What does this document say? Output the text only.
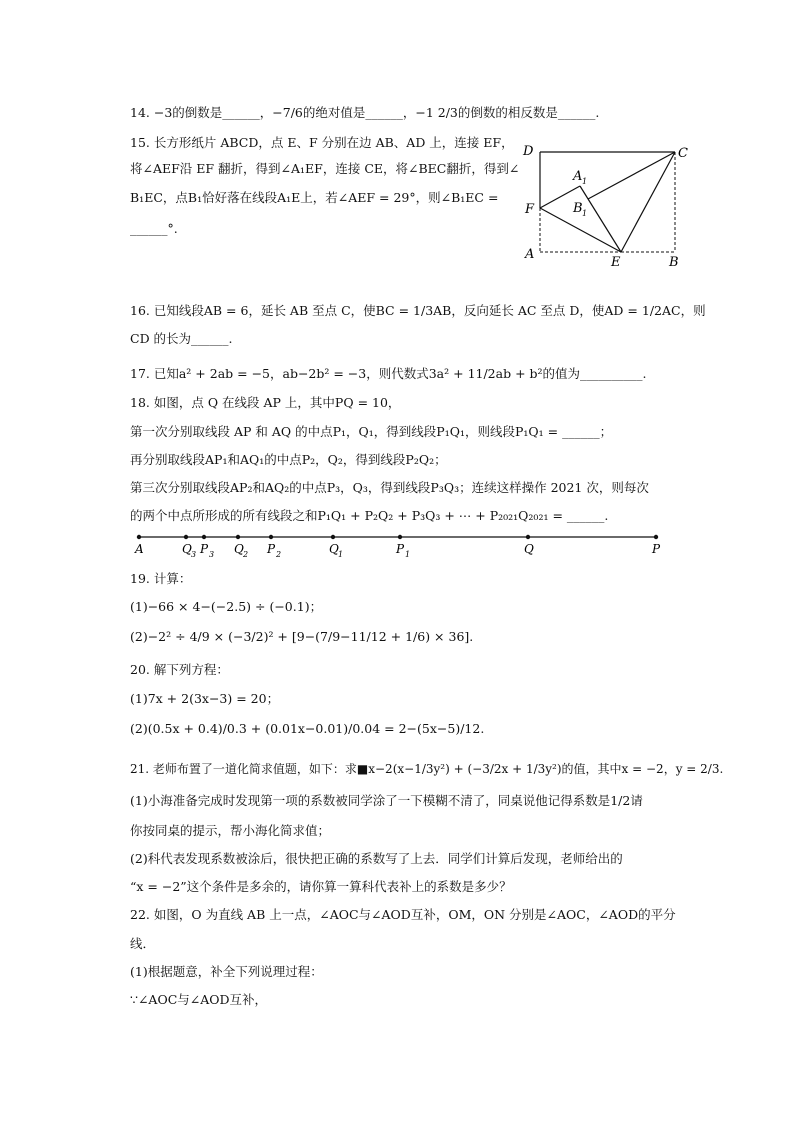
14. −3的倒数是______，−7/6的绝对值是______，−1 2/3的倒数的相反数是______.
15. 长方形纸片 ABCD，点 E、F 分别在边 AB、AD 上，连接 EF，
将∠AEF沿 EF 翻折，得到∠A₁EF，连接 CE，将∠BEC翻折，得到∠
B₁EC，点B₁恰好落在线段A₁E上，若∠AEF = 29°，则∠B₁EC =
______°.
D	C
A 1
B 1
F
A
E	B
16. 已知线段AB = 6，延长 AB 至点 C，使BC = 1/3AB，反向延长 AC 至点 D，使AD = 1/2AC，则
CD 的长为______.
17. 已知a² + 2ab = −5，ab−2b² = −3，则代数式3a² + 11/2ab + b²的值为__________.
18. 如图，点 Q 在线段 AP 上，其中PQ = 10，
第一次分别取线段 AP 和 AQ 的中点P₁，Q₁，得到线段P₁Q₁，则线段P₁Q₁ = ______；
再分别取线段AP₁和AQ₁的中点P₂，Q₂，得到线段P₂Q₂；
第三次分别取线段AP₂和AQ₂的中点P₃，Q₃，得到线段P₃Q₃；连续这样操作 2021 次，则每次
的两个中点所形成的所有线段之和P₁Q₁ + P₂Q₂ + P₃Q₃ + ⋯ + P₂₀₂₁Q₂₀₂₁ = ______.
A	Q 3 P 3 Q 2 P 2	Q 1	P 1	Q	P
19. 计算：
(1)−66 × 4−(−2.5) ÷ (−0.1)；
(2)−2² ÷ 4/9 × (−3/2)² + [9−(7/9−11/12 + 1/6) × 36].
20. 解下列方程：
(1)7x + 2(3x−3) = 20；
(2)(0.5x + 0.4)/0.3 + (0.01x−0.01)/0.04 = 2−(5x−5)/12.
21. 老师布置了一道化简求值题，如下：求■x−2(x−1/3y²) + (−3/2x + 1/3y²)的值，其中x = −2，y = 2/3.
(1)小海准备完成时发现第一项的系数被同学涂了一下模糊不清了，同桌说他记得系数是1/2请
你按同桌的提示，帮小海化简求值；
(2)科代表发现系数被涂后，很快把正确的系数写了上去．同学们计算后发现，老师给出的
“x = −2”这个条件是多余的，请你算一算科代表补上的系数是多少？
22. 如图，O 为直线 AB 上一点，∠AOC与∠AOD互补，OM，ON 分别是∠AOC，∠AOD的平分
线．
(1)根据题意，补全下列说理过程：
∵∠AOC与∠AOD互补，
